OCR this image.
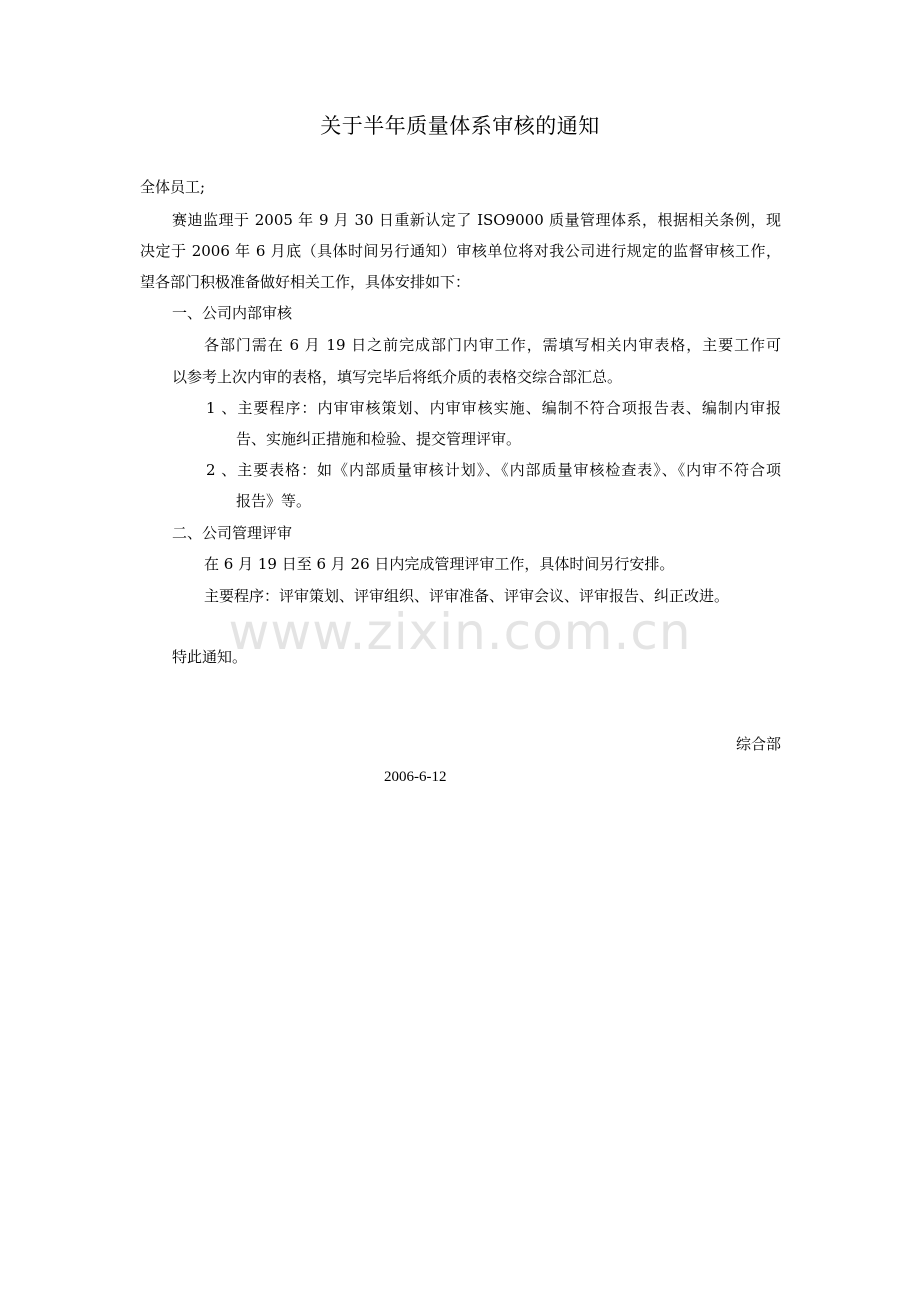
关于半年质量体系审核的通知
全体员工;
赛迪监理于 2005 年 9 月 30 日重新认定了 ISO9000 质量管理体系，根据相关条例，现
决定于 2006 年 6 月底（具体时间另行通知）审核单位将对我公司进行规定的监督审核工作，
望各部门积极准备做好相关工作，具体安排如下：
一、公司内部审核
各部门需在 6 月 19 日之前完成部门内审工作，需填写相关内审表格，主要工作可
以参考上次内审的表格，填写完毕后将纸介质的表格交综合部汇总。
1 、主要程序：内审审核策划、内审审核实施、编制不符合项报告表、编制内审报
告、实施纠正措施和检验、提交管理评审。
2 、主要表格：如《内部质量审核计划》、《内部质量审核检查表》、《内审不符合项
报告》等。
二、公司管理评审
在 6 月 19 日至 6 月 26 日内完成管理评审工作，具体时间另行安排。
主要程序：评审策划、评审组织、评审准备、评审会议、评审报告、纠正改进。
www.zixin.com.cn
特此通知。
综合部
2006-6-12
